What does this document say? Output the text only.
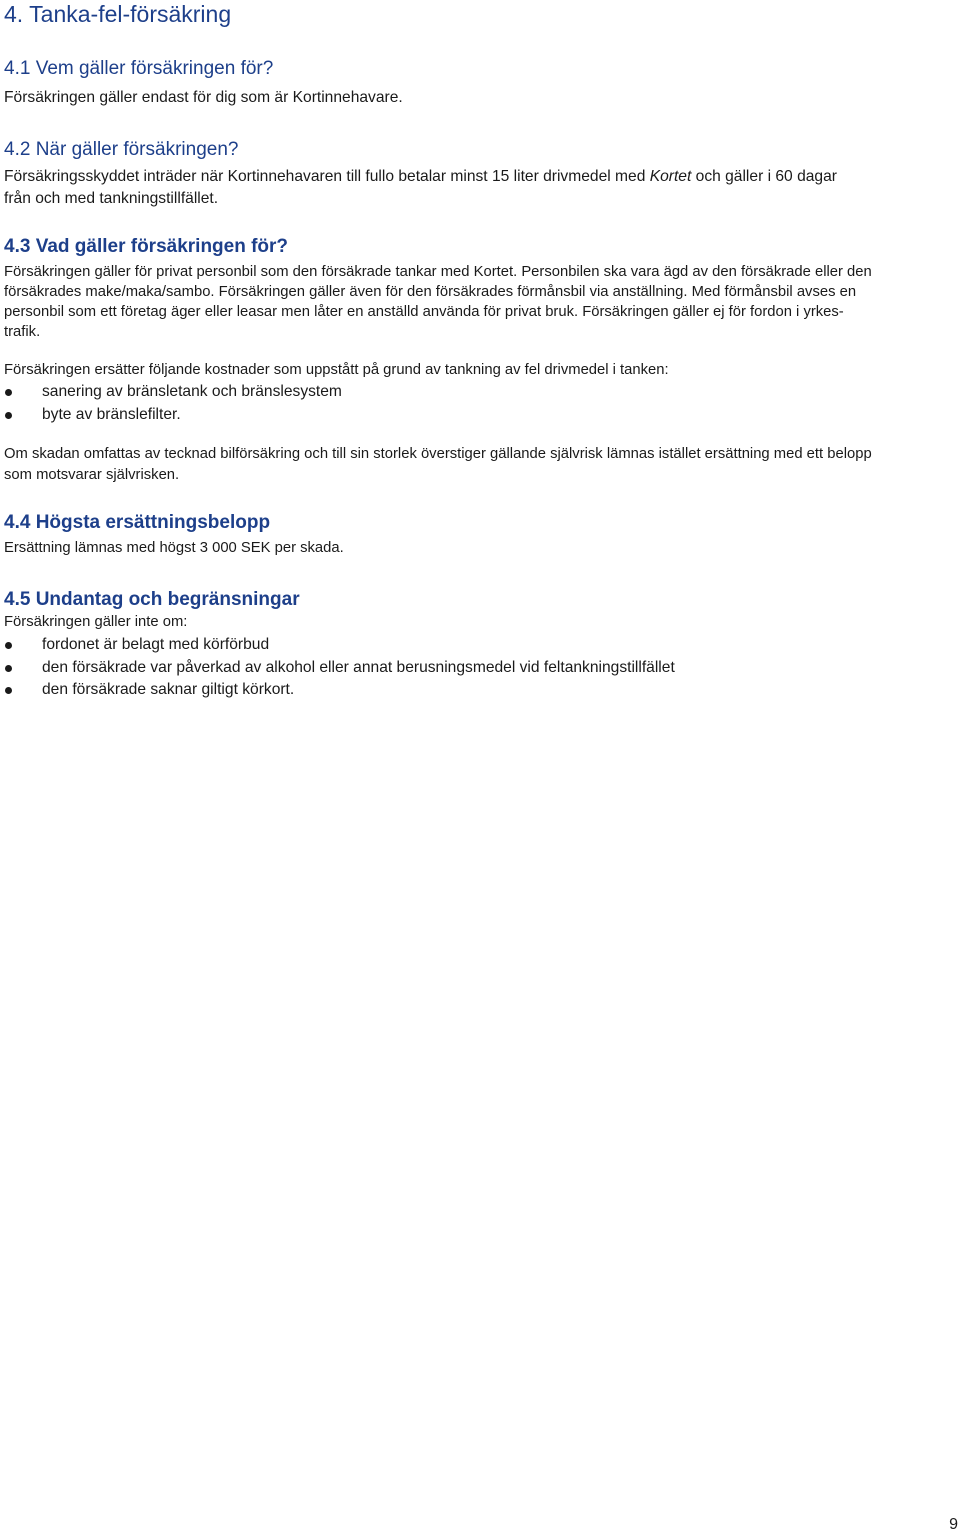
4. Tanka-fel-försäkring
4.1 Vem gäller försäkringen för?

Försäkringen gäller endast för dig som är Kortinnehavare.

4.2 När gäller försäkringen?

Försäkringsskyddet inträder när Kortinnehavaren till fullo betalar minst 15 liter drivmedel med Kortet och gäller i 60 dagar

från och med tankningstillfället.

4.3 Vad gäller försäkringen för?

Försäkringen gäller för privat personbil som den försäkrade tankar med Kortet. Personbilen ska vara ägd av den försäkrade eller den

försäkrades make/maka/sambo. Försäkringen gäller även för den försäkrades förmånsbil via anställning. Med förmånsbil avses en

personbil som ett företag äger eller leasar men låter en anställd använda för privat bruk. Försäkringen gäller ej för fordon i yrkes-

trafik.

Försäkringen ersätter följande kostnader som uppstått på grund av tankning av fel drivmedel i tanken:

sanering av bränsletank och bränslesystem
byte av bränslefilter.

Om skadan omfattas av tecknad bilförsäkring och till sin storlek överstiger gällande självrisk lämnas istället ersättning med ett belopp

som motsvarar självrisken.

4.4 Högsta ersättningsbelopp

Ersättning lämnas med högst 3 000 SEK per skada.

4.5 Undantag och begränsningar

Försäkringen gäller inte om:

fordonet är belagt med körförbud
den försäkrade var påverkad av alkohol eller annat berusningsmedel vid feltankningstillfället
den försäkrade saknar giltigt körkort.

9
